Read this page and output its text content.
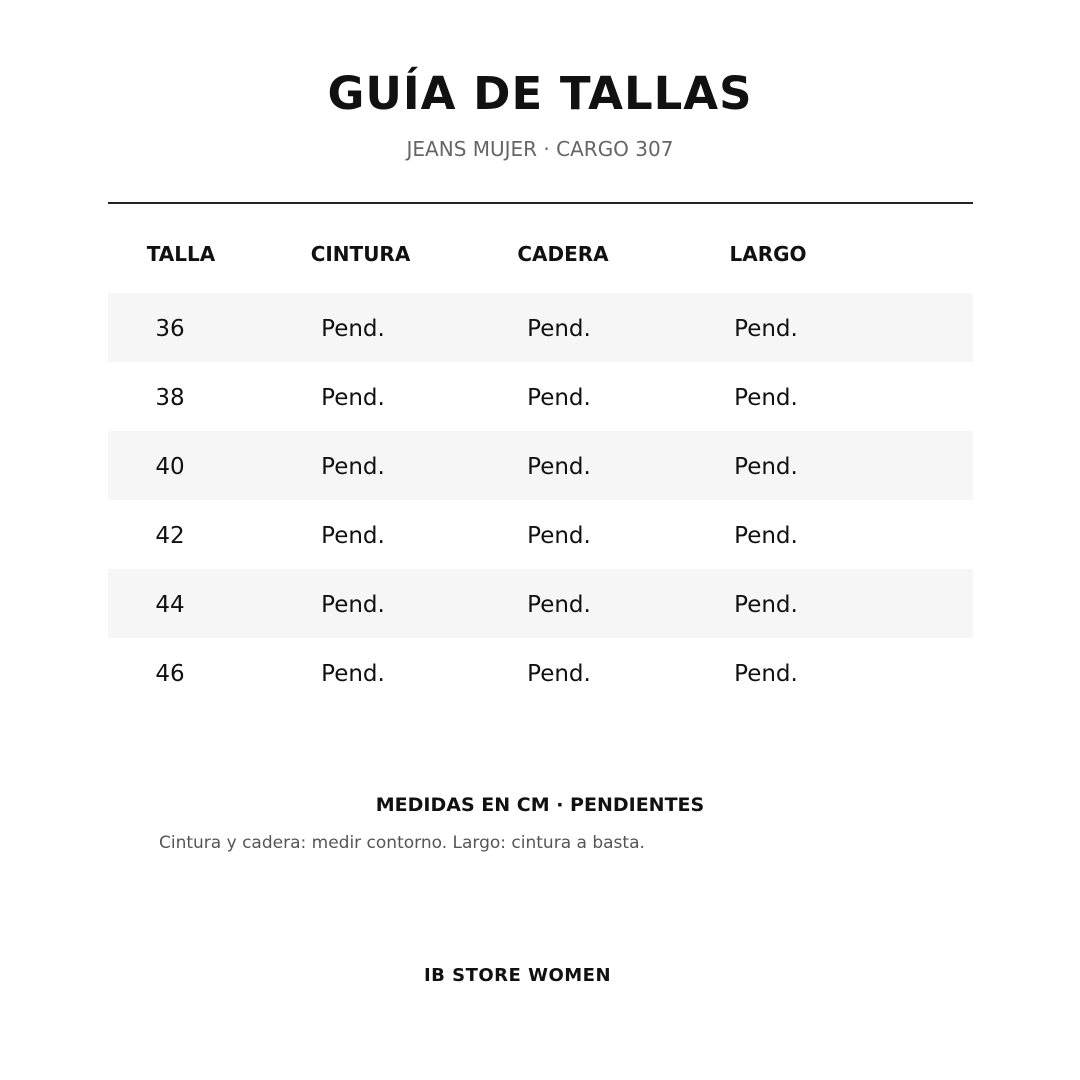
GUÍA DE TALLAS

JEANS MUJER · CARGO 307

TALLA	CINTURA	CADERA	LARGO
36	Pend.	Pend.	Pend.
38	Pend.	Pend.	Pend.
40	Pend.	Pend.	Pend.
42	Pend.	Pend.	Pend.
44	Pend.	Pend.	Pend.
46	Pend.	Pend.	Pend.

MEDIDAS EN CM · PENDIENTES

Cintura y cadera: medir contorno. Largo: cintura a basta.

IB STORE WOMEN
